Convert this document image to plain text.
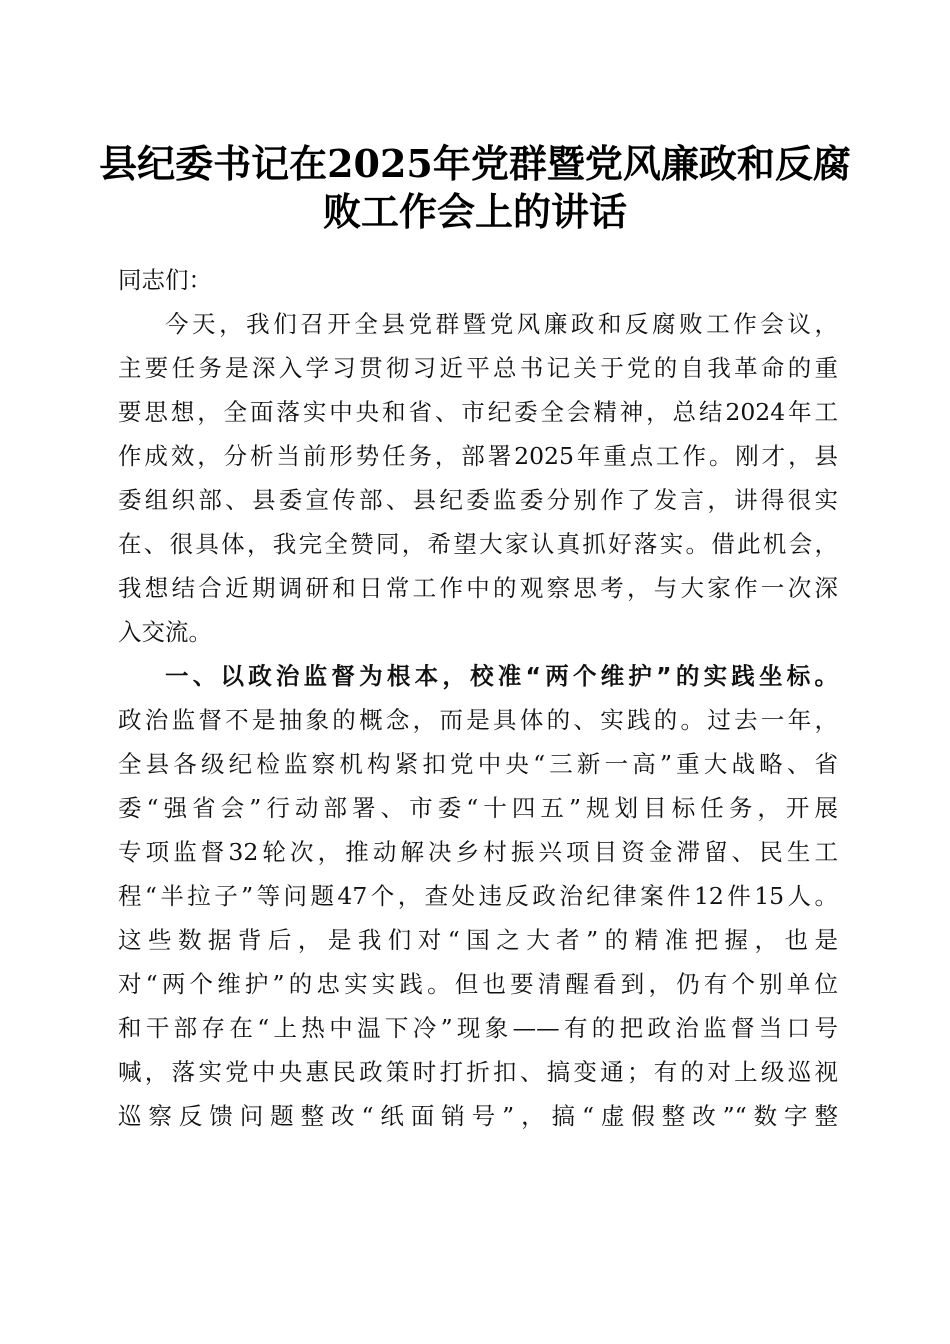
县纪委书记在2025年党群暨党风廉政和反腐
败工作会上的讲话
同志们：
今天，我们召开全县党群暨党风廉政和反腐败工作会议，
主要任务是深入学习贯彻习近平总书记关于党的自我革命的重
要思想，全面落实中央和省、市纪委全会精神，总结2024年工
作成效，分析当前形势任务，部署2025年重点工作。刚才，县
委组织部、县委宣传部、县纪委监委分别作了发言，讲得很实
在、很具体，我完全赞同，希望大家认真抓好落实。借此机会，
我想结合近期调研和日常工作中的观察思考，与大家作一次深
入交流。
一、以政治监督为根本，校准“两个维护”的实践坐标。
政治监督不是抽象的概念，而是具体的、实践的。过去一年，
全县各级纪检监察机构紧扣党中央“三新一高”重大战略、省
委“强省会”行动部署、市委“十四五”规划目标任务，开展
专项监督32轮次，推动解决乡村振兴项目资金滞留、民生工
程“半拉子”等问题47个，查处违反政治纪律案件12件15人。
这些数据背后，是我们对“国之大者”的精准把握，也是
对“两个维护”的忠实实践。但也要清醒看到，仍有个别单位
和干部存在“上热中温下冷”现象——有的把政治监督当口号
喊，落实党中央惠民政策时打折扣、搞变通；有的对上级巡视
巡察反馈问题整改“纸面销号”，搞“虚假整改”“数字整
